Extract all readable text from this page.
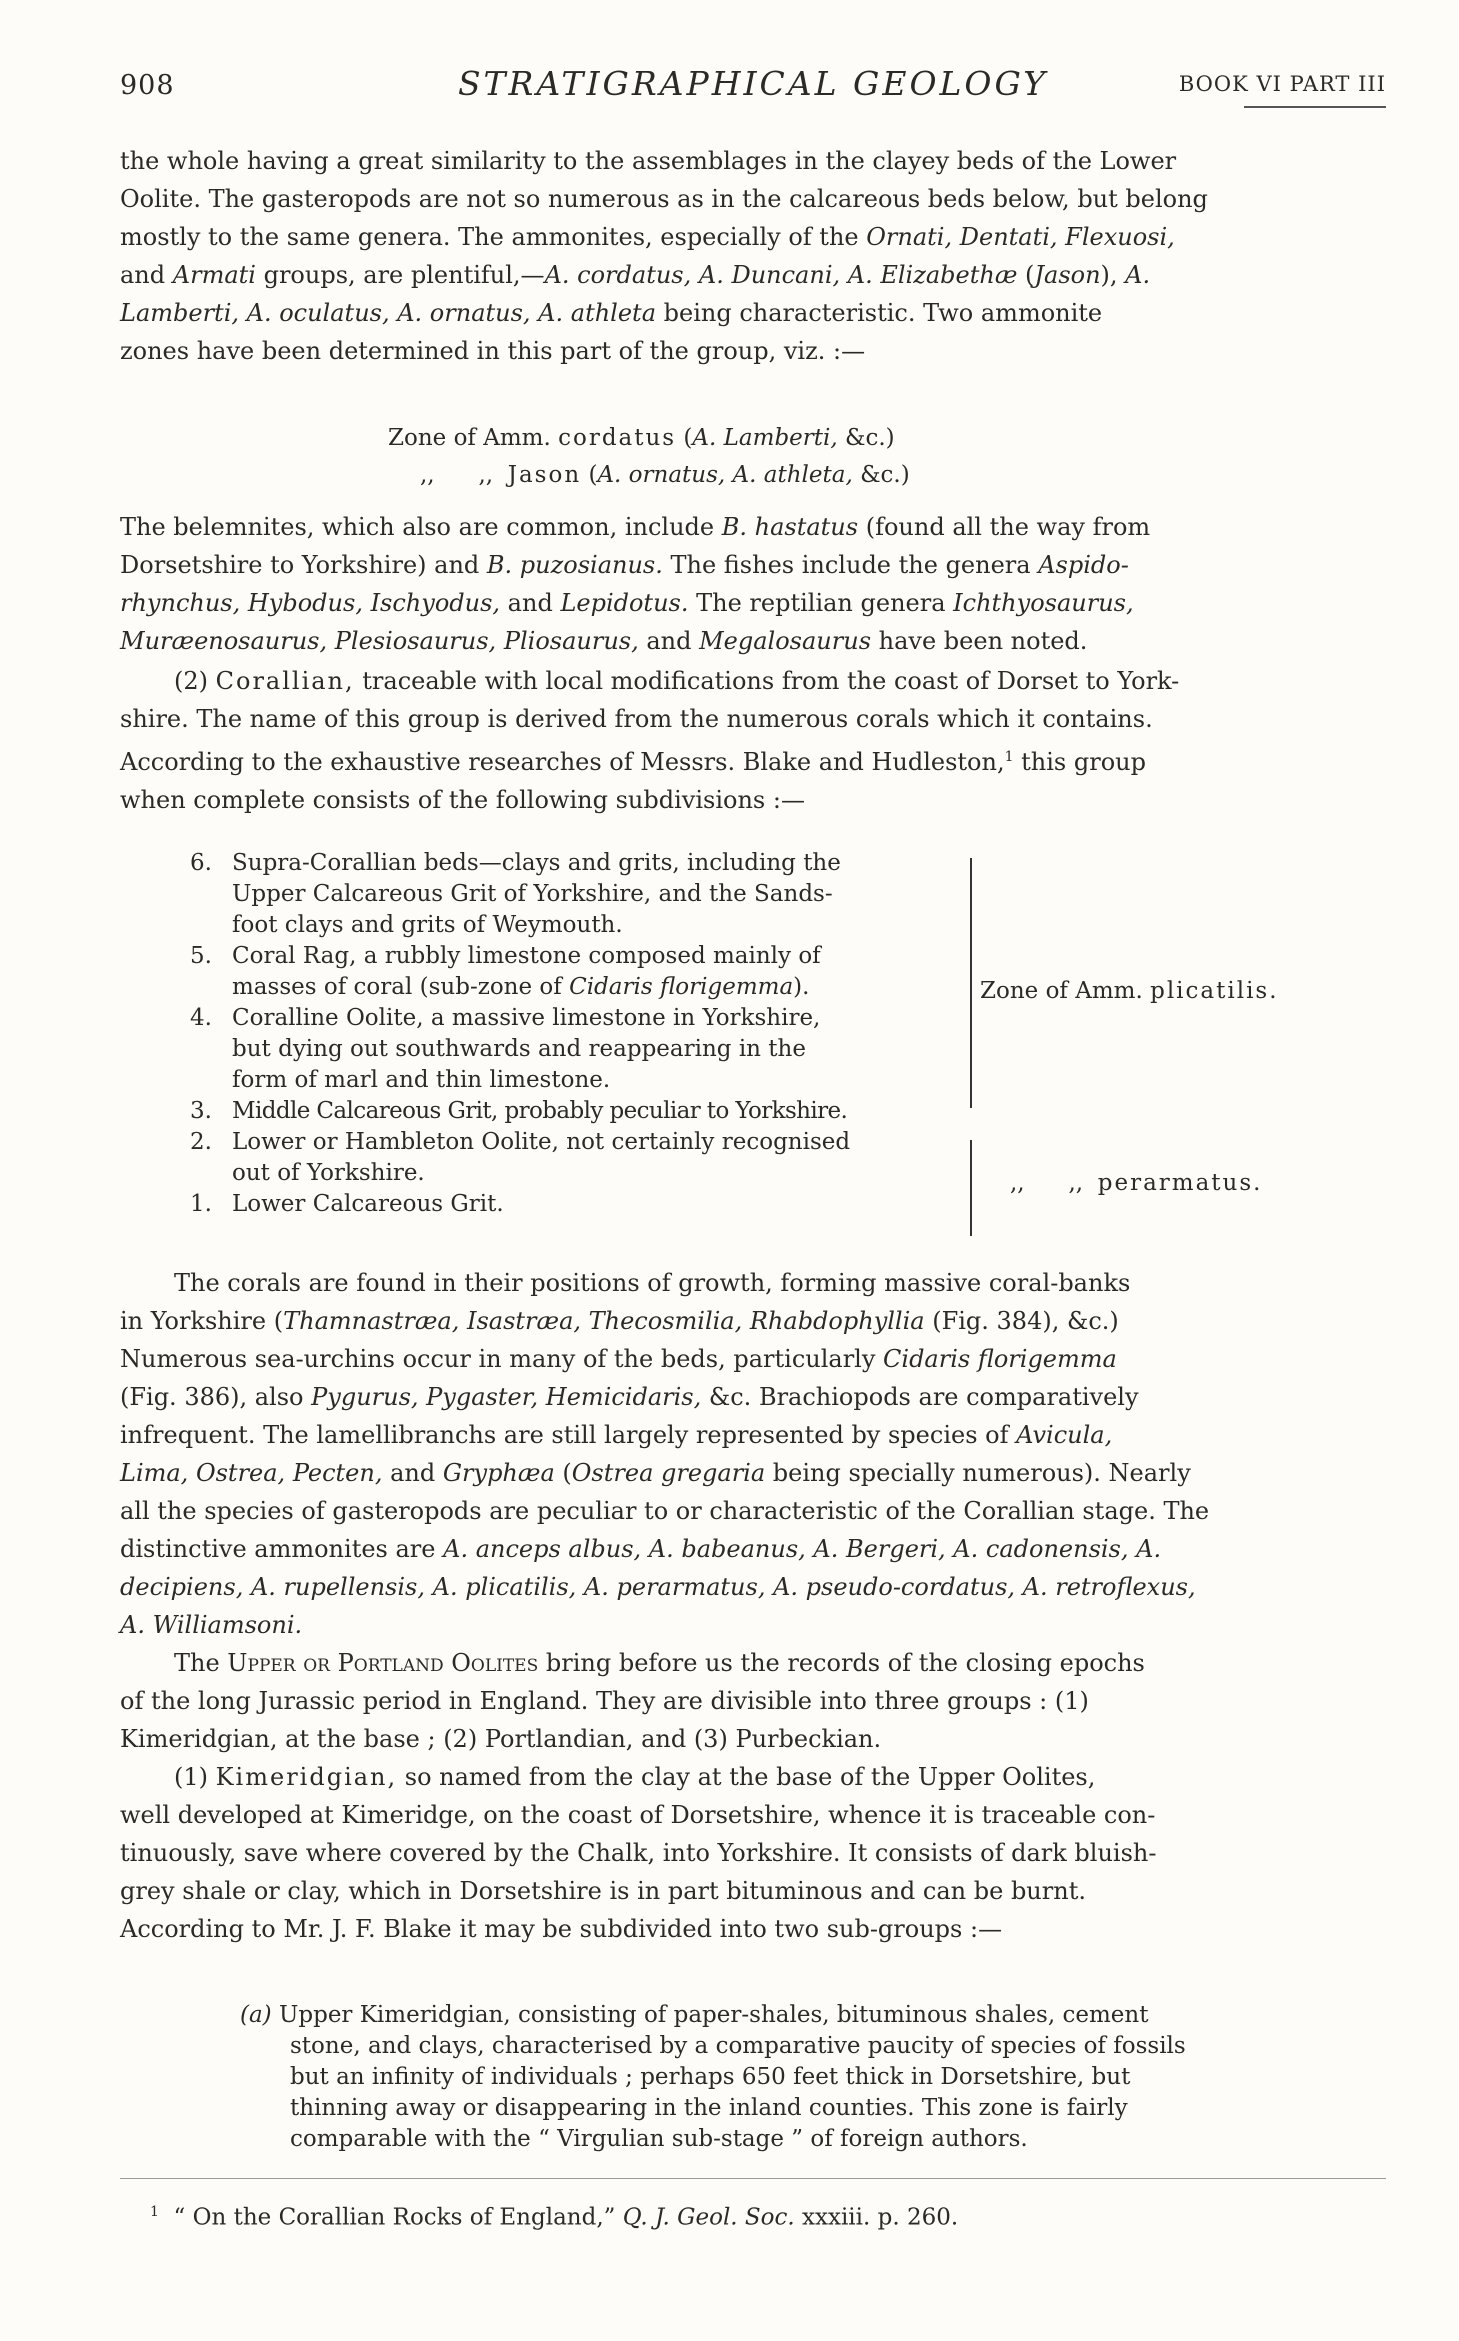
908	STRATIGRAPHICAL GEOLOGY	BOOK VI PART III

the whole having a great similarity to the assemblages in the clayey beds of the Lower

Oolite. The gasteropods are not so numerous as in the calcareous beds below, but belong

mostly to the same genera. The ammonites, especially of the Ornati, Dentati, Flexuosi,

and Armati groups, are plentiful,—A. cordatus, A. Duncani, A. Elizabethæ (Jason), A.

Lamberti, A. oculatus, A. ornatus, A. athleta being characteristic. Two ammonite

zones have been determined in this part of the group, viz. :—

Zone of Amm. cordatus (A. Lamberti, &c.)
,,      ,,  Jason (A. ornatus, A. athleta, &c.)

The belemnites, which also are common, include B. hastatus (found all the way from

Dorsetshire to Yorkshire) and B. puzosianus. The fishes include the genera Aspido-

rhynchus, Hybodus, Ischyodus, and Lepidotus. The reptilian genera Ichthyosaurus,

Muræenosaurus, Plesiosaurus, Pliosaurus, and Megalosaurus have been noted.

(2) Corallian, traceable with local modifications from the coast of Dorset to York-

shire. The name of this group is derived from the numerous corals which it contains.

According to the exhaustive researches of Messrs. Blake and Hudleston,$^1$ this group

when complete consists of the following subdivisions :—

6. Supra-Corallian beds—clays and grits, including the
Upper Calcareous Grit of Yorkshire, and the Sands-
foot clays and grits of Weymouth.
5. Coral Rag, a rubbly limestone composed mainly of
masses of coral (sub-zone of Cidaris florigemma).
4. Coralline Oolite, a massive limestone in Yorkshire,
but dying out southwards and reappearing in the
form of marl and thin limestone.
3. Middle Calcareous Grit, probably peculiar to Yorkshire.
2. Lower or Hambleton Oolite, not certainly recognised
out of Yorkshire.
1. Lower Calcareous Grit.
Zone of Amm. plicatilis.
,,      ,,  perarmatus.

The corals are found in their positions of growth, forming massive coral-banks

in Yorkshire (Thamnastræa, Isastræa, Thecosmilia, Rhabdophyllia (Fig. 384), &c.)

Numerous sea-urchins occur in many of the beds, particularly Cidaris florigemma

(Fig. 386), also Pygurus, Pygaster, Hemicidaris, &c. Brachiopods are comparatively

infrequent. The lamellibranchs are still largely represented by species of Avicula,

Lima, Ostrea, Pecten, and Gryphæa (Ostrea gregaria being specially numerous). Nearly

all the species of gasteropods are peculiar to or characteristic of the Corallian stage. The

distinctive ammonites are A. anceps albus, A. babeanus, A. Bergeri, A. cadonensis, A.

decipiens, A. rupellensis, A. plicatilis, A. perarmatus, A. pseudo-cordatus, A. retroflexus,

A. Williamsoni.

The Upper or Portland Oolites bring before us the records of the closing epochs

of the long Jurassic period in England. They are divisible into three groups : (1)

Kimeridgian, at the base ; (2) Portlandian, and (3) Purbeckian.

(1) Kimeridgian, so named from the clay at the base of the Upper Oolites,

well developed at Kimeridge, on the coast of Dorsetshire, whence it is traceable con-

tinuously, save where covered by the Chalk, into Yorkshire. It consists of dark bluish-

grey shale or clay, which in Dorsetshire is in part bituminous and can be burnt.

According to Mr. J. F. Blake it may be subdivided into two sub-groups :—

(a) Upper Kimeridgian, consisting of paper-shales, bituminous shales, cement
stone, and clays, characterised by a comparative paucity of species of fossils
but an infinity of individuals ; perhaps 650 feet thick in Dorsetshire, but
thinning away or disappearing in the inland counties. This zone is fairly
comparable with the “ Virgulian sub-stage ” of foreign authors.
$^1$  “ On the Corallian Rocks of England,” Q. J. Geol. Soc. xxxiii. p. 260.
